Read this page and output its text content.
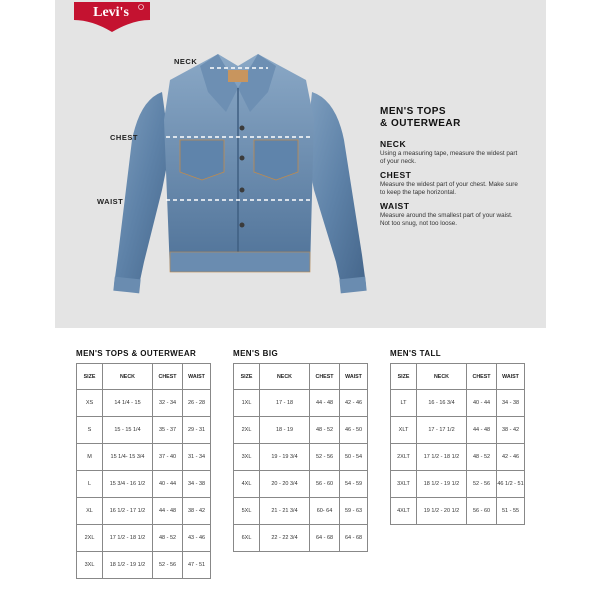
Levi's
NECK
CHEST
WAIST
MEN'S TOPS
& OUTERWEAR
NECK
Using a measuring tape, measure the widest part of your neck.
CHEST
Measure the widest part of your chest. Make sure to keep the tape horizontal.
WAIST
Measure around the smallest part of your waist. Not too snug, not too loose.
MEN'S TOPS & OUTERWEAR	MEN'S BIG	MEN'S TALL
SIZE	NECK	CHEST	WAIST
XS	14 1/4 - 15	32 - 34	26 - 28
S	15 - 15 1/4	35 - 37	29 - 31
M	15 1/4- 15 3/4	37 - 40	31 - 34
L	15 3/4 - 16 1/2	40 - 44	34 - 38
XL	16 1/2 - 17 1/2	44 - 48	38 - 42
2XL	17 1/2 - 18 1/2	48 - 52	43 - 46
3XL	18 1/2 - 19 1/2	52 - 56	47 - 51
SIZE	NECK	CHEST	WAIST
1XL	17 - 18	44 - 48	42 - 46
2XL	18 - 19	48 - 52	46 - 50
3XL	19 - 19 3/4	52 - 56	50 - 54
4XL	20 - 20 3/4	56 - 60	54 - 59
5XL	21 - 21 3/4	60- 64	59 - 63
6XL	22 - 22 3/4	64 - 68	64 - 68
SIZE	NECK	CHEST	WAIST
LT	16 - 16 3/4	40 - 44	34 - 38
XLT	17 - 17 1/2	44 - 48	38 - 42
2XLT	17 1/2 - 18 1/2	48 - 52	42 - 46
3XLT	18 1/2 - 19 1/2	52 - 56	46 1/2 - 51
4XLT	19 1/2 - 20 1/2	56 - 60	51 - 55
